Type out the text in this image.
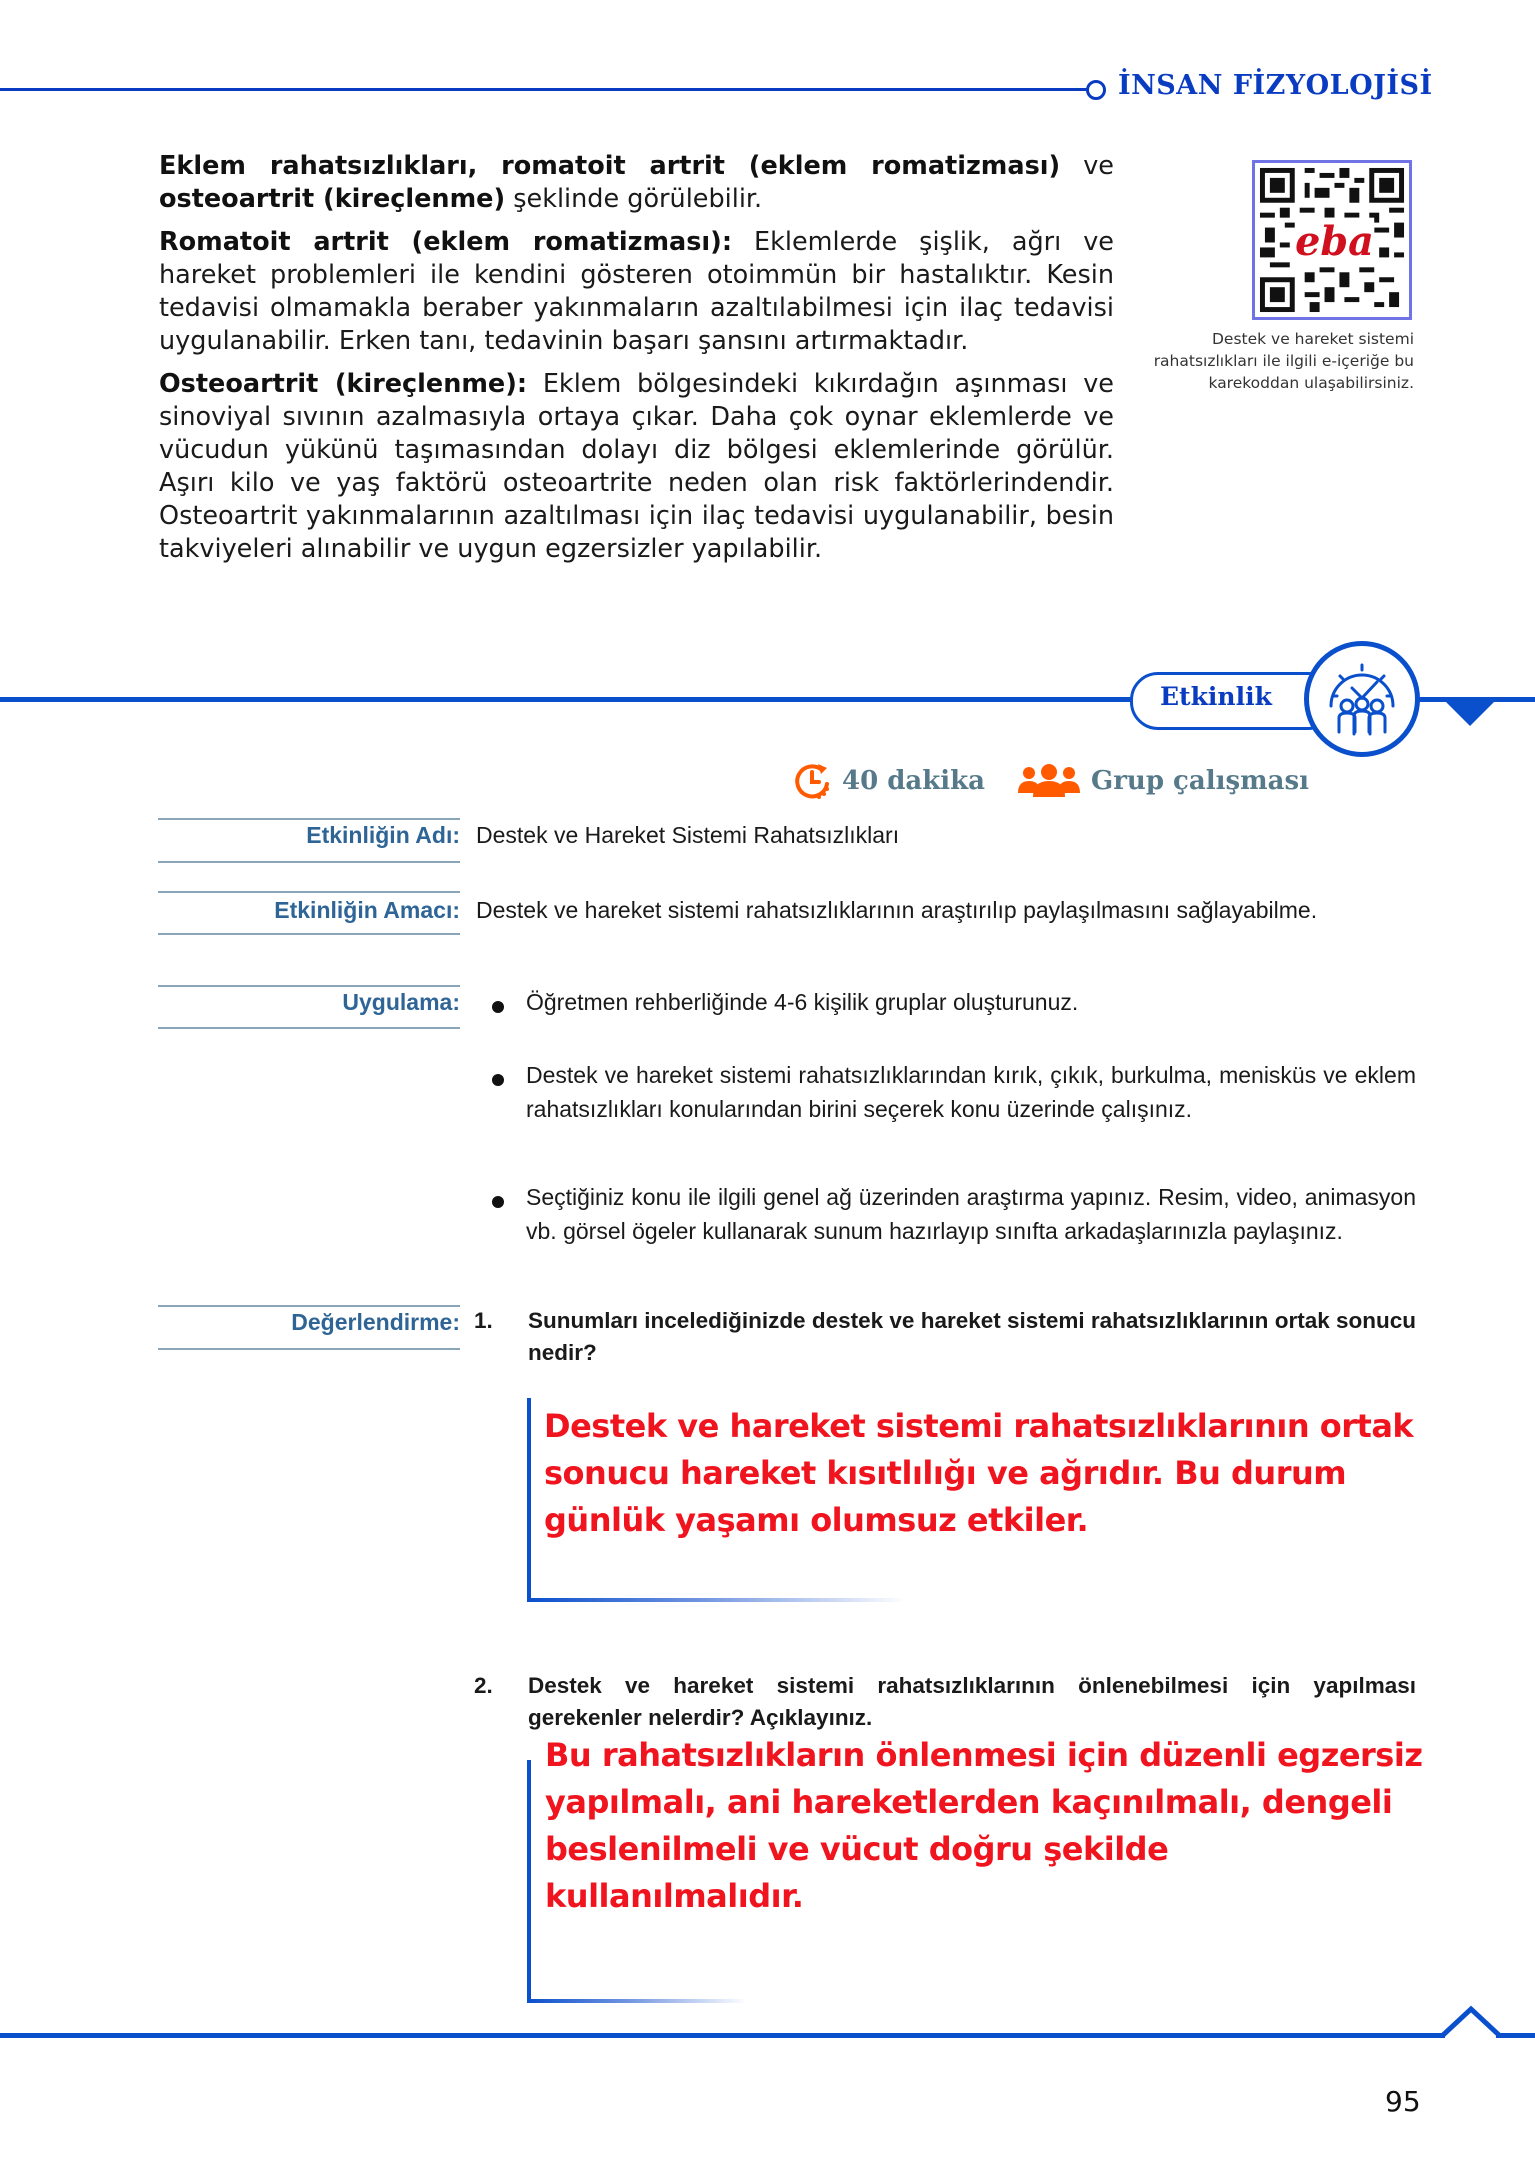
İNSAN FİZYOLOJİSİ

Eklem rahatsızlıkları, romatoit artrit (eklem romatizması) ve osteoartrit (kireçlenme) şeklinde görülebilir.

Romatoit artrit (eklem romatizması): Eklemlerde şişlik, ağrı ve hareket problemleri ile kendini gösteren otoimmün bir hastalıktır. Kesin tedavisi olmamakla beraber yakınmaların azaltılabilmesi için ilaç tedavisi uygulanabilir. Erken tanı, tedavinin başarı şansını artırmaktadır.

Osteoartrit (kireçlenme): Eklem bölgesindeki kıkırdağın aşınması ve sinoviyal sıvının azalmasıyla ortaya çıkar. Daha çok oynar eklemlerde ve vücudun yükünü taşımasından dolayı diz bölgesi eklemlerinde görülür. Aşırı kilo ve yaş faktörü osteoartrite neden olan risk faktörlerindendir. Osteoartrit yakınmalarının azaltılması için ilaç tedavisi uygulanabilir, besin takviyeleri alınabilir ve uygun egzersizler yapılabilir.

eba
Destek ve hareket sistemi rahatsızlıkları ile ilgili e-içeriğe bu karekoddan ulaşabilirsiniz.
Etkinlik
40 dakika	Grup çalışması
Etkinliğin Adı: Destek ve Hareket Sistemi Rahatsızlıkları
Etkinliğin Amacı: Destek ve hareket sistemi rahatsızlıklarının araştırılıp paylaşılmasını sağlayabilme.
Uygulama:	Öğretmen rehberliğinde 4-6 kişilik gruplar oluşturunuz.
Destek ve hareket sistemi rahatsızlıklarından kırık, çıkık, burkulma, menisküs ve eklem rahatsızlıkları konularından birini seçerek konu üzerinde çalışınız.
Seçtiğiniz konu ile ilgili genel ağ üzerinden araştırma yapınız. Resim, video, animasyon vb. görsel ögeler kullanarak sunum hazırlayıp sınıfta arkadaşlarınızla paylaşınız.
Değerlendirme: 1.	Sunumları incelediğinizde destek ve hareket sistemi rahatsızlıklarının ortak sonucu nedir?
Destek ve hareket sistemi rahatsızlıklarının ortak sonucu hareket kısıtlılığı ve ağrıdır. Bu durum günlük yaşamı olumsuz etkiler.
2.	Destek ve hareket sistemi rahatsızlıklarının önlenebilmesi için yapılması gerekenler nelerdir? Açıklayınız.
Bu rahatsızlıkların önlenmesi için düzenli egzersiz yapılmalı, ani hareketlerden kaçınılmalı, dengeli beslenilmeli ve vücut doğru şekilde kullanılmalıdır.
95
